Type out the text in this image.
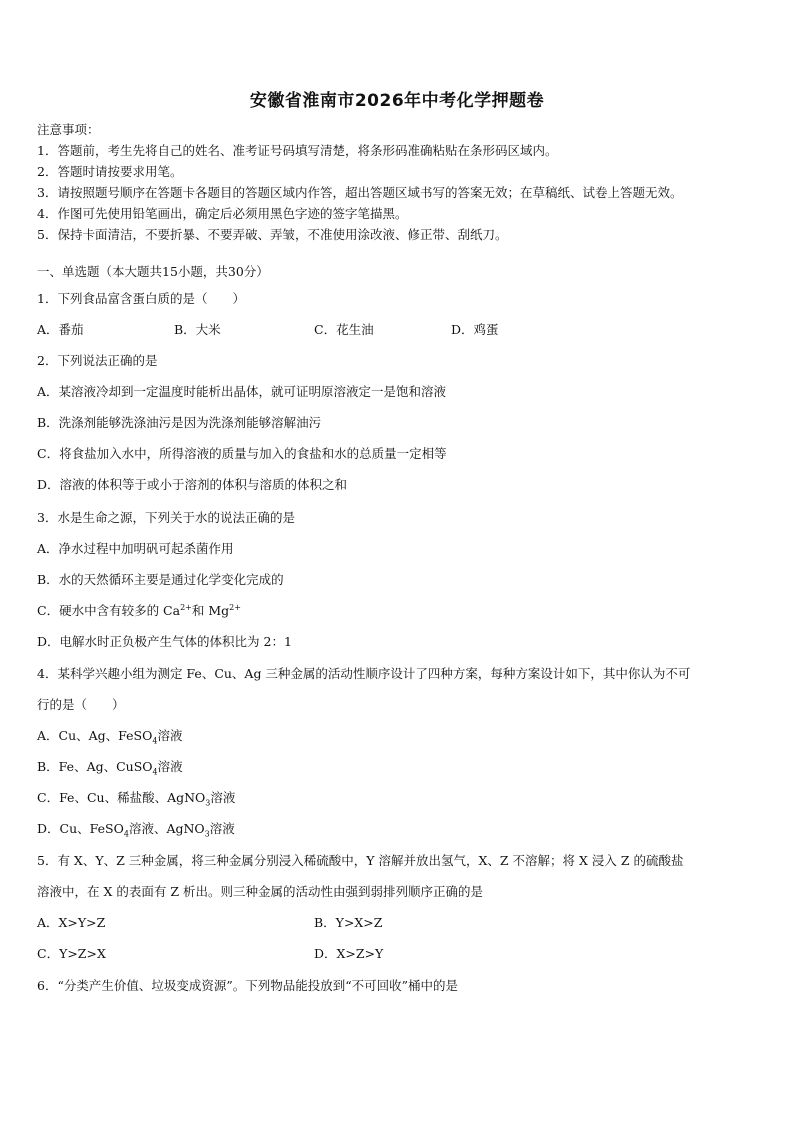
安徽省淮南市2026年中考化学押题卷
注意事项：
1．答题前，考生先将自己的姓名、准考证号码填写清楚，将条形码准确粘贴在条形码区域内。
2．答题时请按要求用笔。
3．请按照题号顺序在答题卡各题目的答题区域内作答，超出答题区域书写的答案无效；在草稿纸、试卷上答题无效。
4．作图可先使用铅笔画出，确定后必须用黑色字迹的签字笔描黑。
5．保持卡面清洁，不要折暴、不要弄破、弄皱，不准使用涂改液、修正带、刮纸刀。
一、单选题（本大题共15小题，共30分）
1．下列食品富含蛋白质的是（　　）
A．番茄	B．大米	C．花生油	D．鸡蛋
2．下列说法正确的是
A．某溶液冷却到一定温度时能析出晶体，就可证明原溶液定一是饱和溶液
B．洗涤剂能够洗涤油污是因为洗涤剂能够溶解油污
C．将食盐加入水中，所得溶液的质量与加入的食盐和水的总质量一定相等
D．溶液的体积等于或小于溶剂的体积与溶质的体积之和
3．水是生命之源，下列关于水的说法正确的是
A．净水过程中加明矾可起杀菌作用
B．水的天然循环主要是通过化学变化完成的
C．硬水中含有较多的 $Ca^{2+}$和 $Mg^{2+}$
D．电解水时正负极产生气体的体积比为 2：1
4．某科学兴趣小组为测定 Fe、Cu、Ag 三种金属的活动性顺序设计了四种方案，每种方案设计如下，其中你认为不可
行的是（　　）
A．Cu、Ag、FeSO$_4$溶液
B．Fe、Ag、CuSO$_4$溶液
C．Fe、Cu、稀盐酸、AgNO$_3$溶液
D．Cu、FeSO$_4$溶液、AgNO$_3$溶液
5．有 X、Y、Z 三种金属，将三种金属分别浸入稀硫酸中，Y 溶解并放出氢气，X、Z 不溶解；将 X 浸入 Z 的硫酸盐
溶液中，在 X 的表面有 Z 析出。则三种金属的活动性由强到弱排列顺序正确的是
A．X>Y>Z	B．Y>X>Z
C．Y>Z>X	D．X>Z>Y
6．“分类产生价值、垃圾变成资源”。下列物品能投放到“不可回收”桶中的是
